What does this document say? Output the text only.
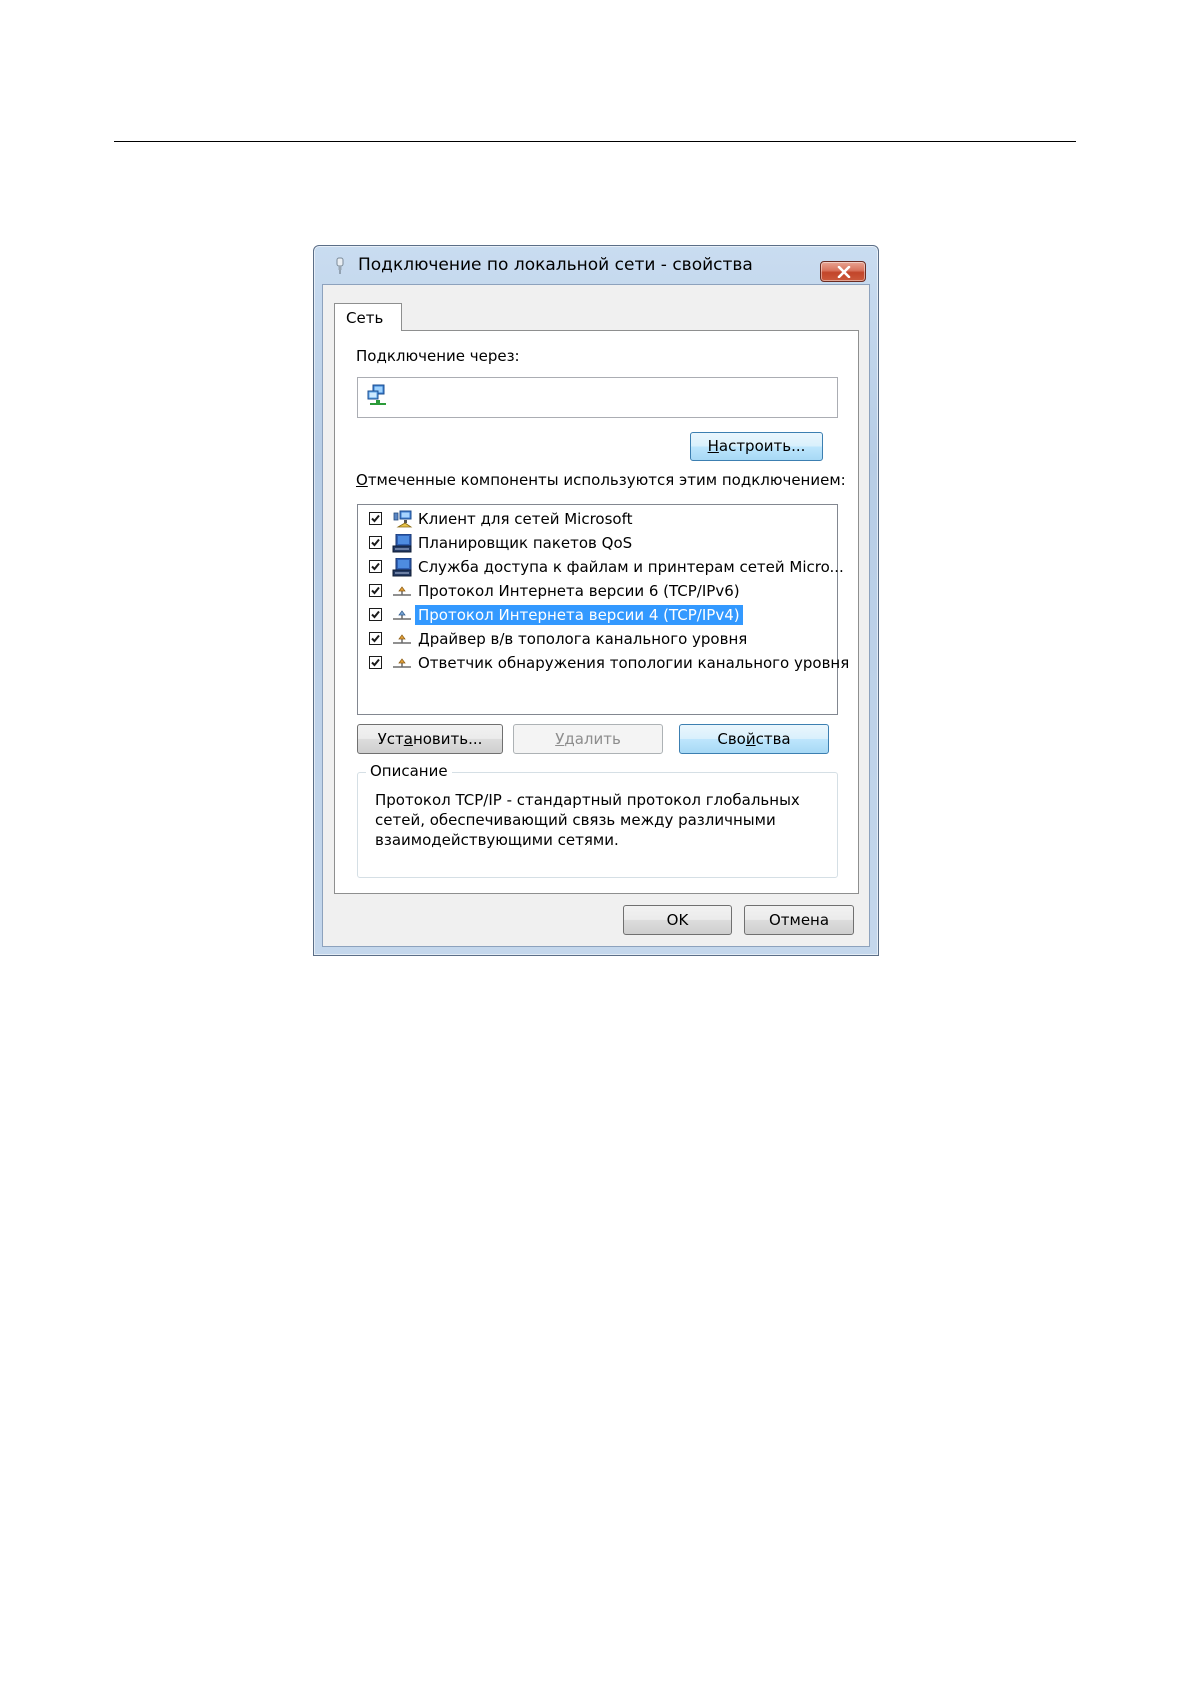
Подключение по локальной сети - свойства
Сеть
Подключение через:
Настроить...
Отмеченные компоненты используются этим подключением:
Клиент для сетей Microsoft
Планировщик пакетов QoS
Служба доступа к файлам и принтерам сетей Micro...
Протокол Интернета версии 6 (TCP/IPv6)
Протокол Интернета версии 4 (TCP/IPv4)
Драйвер в/в тополога канального уровня
Ответчик обнаружения топологии канального уровня
Установить...	Удалить	Свойства
Описание
Протокол TCP/IP - стандартный протокол глобальных сетей, обеспечивающий связь между различными взаимодействующими сетями.
OK	Отмена
